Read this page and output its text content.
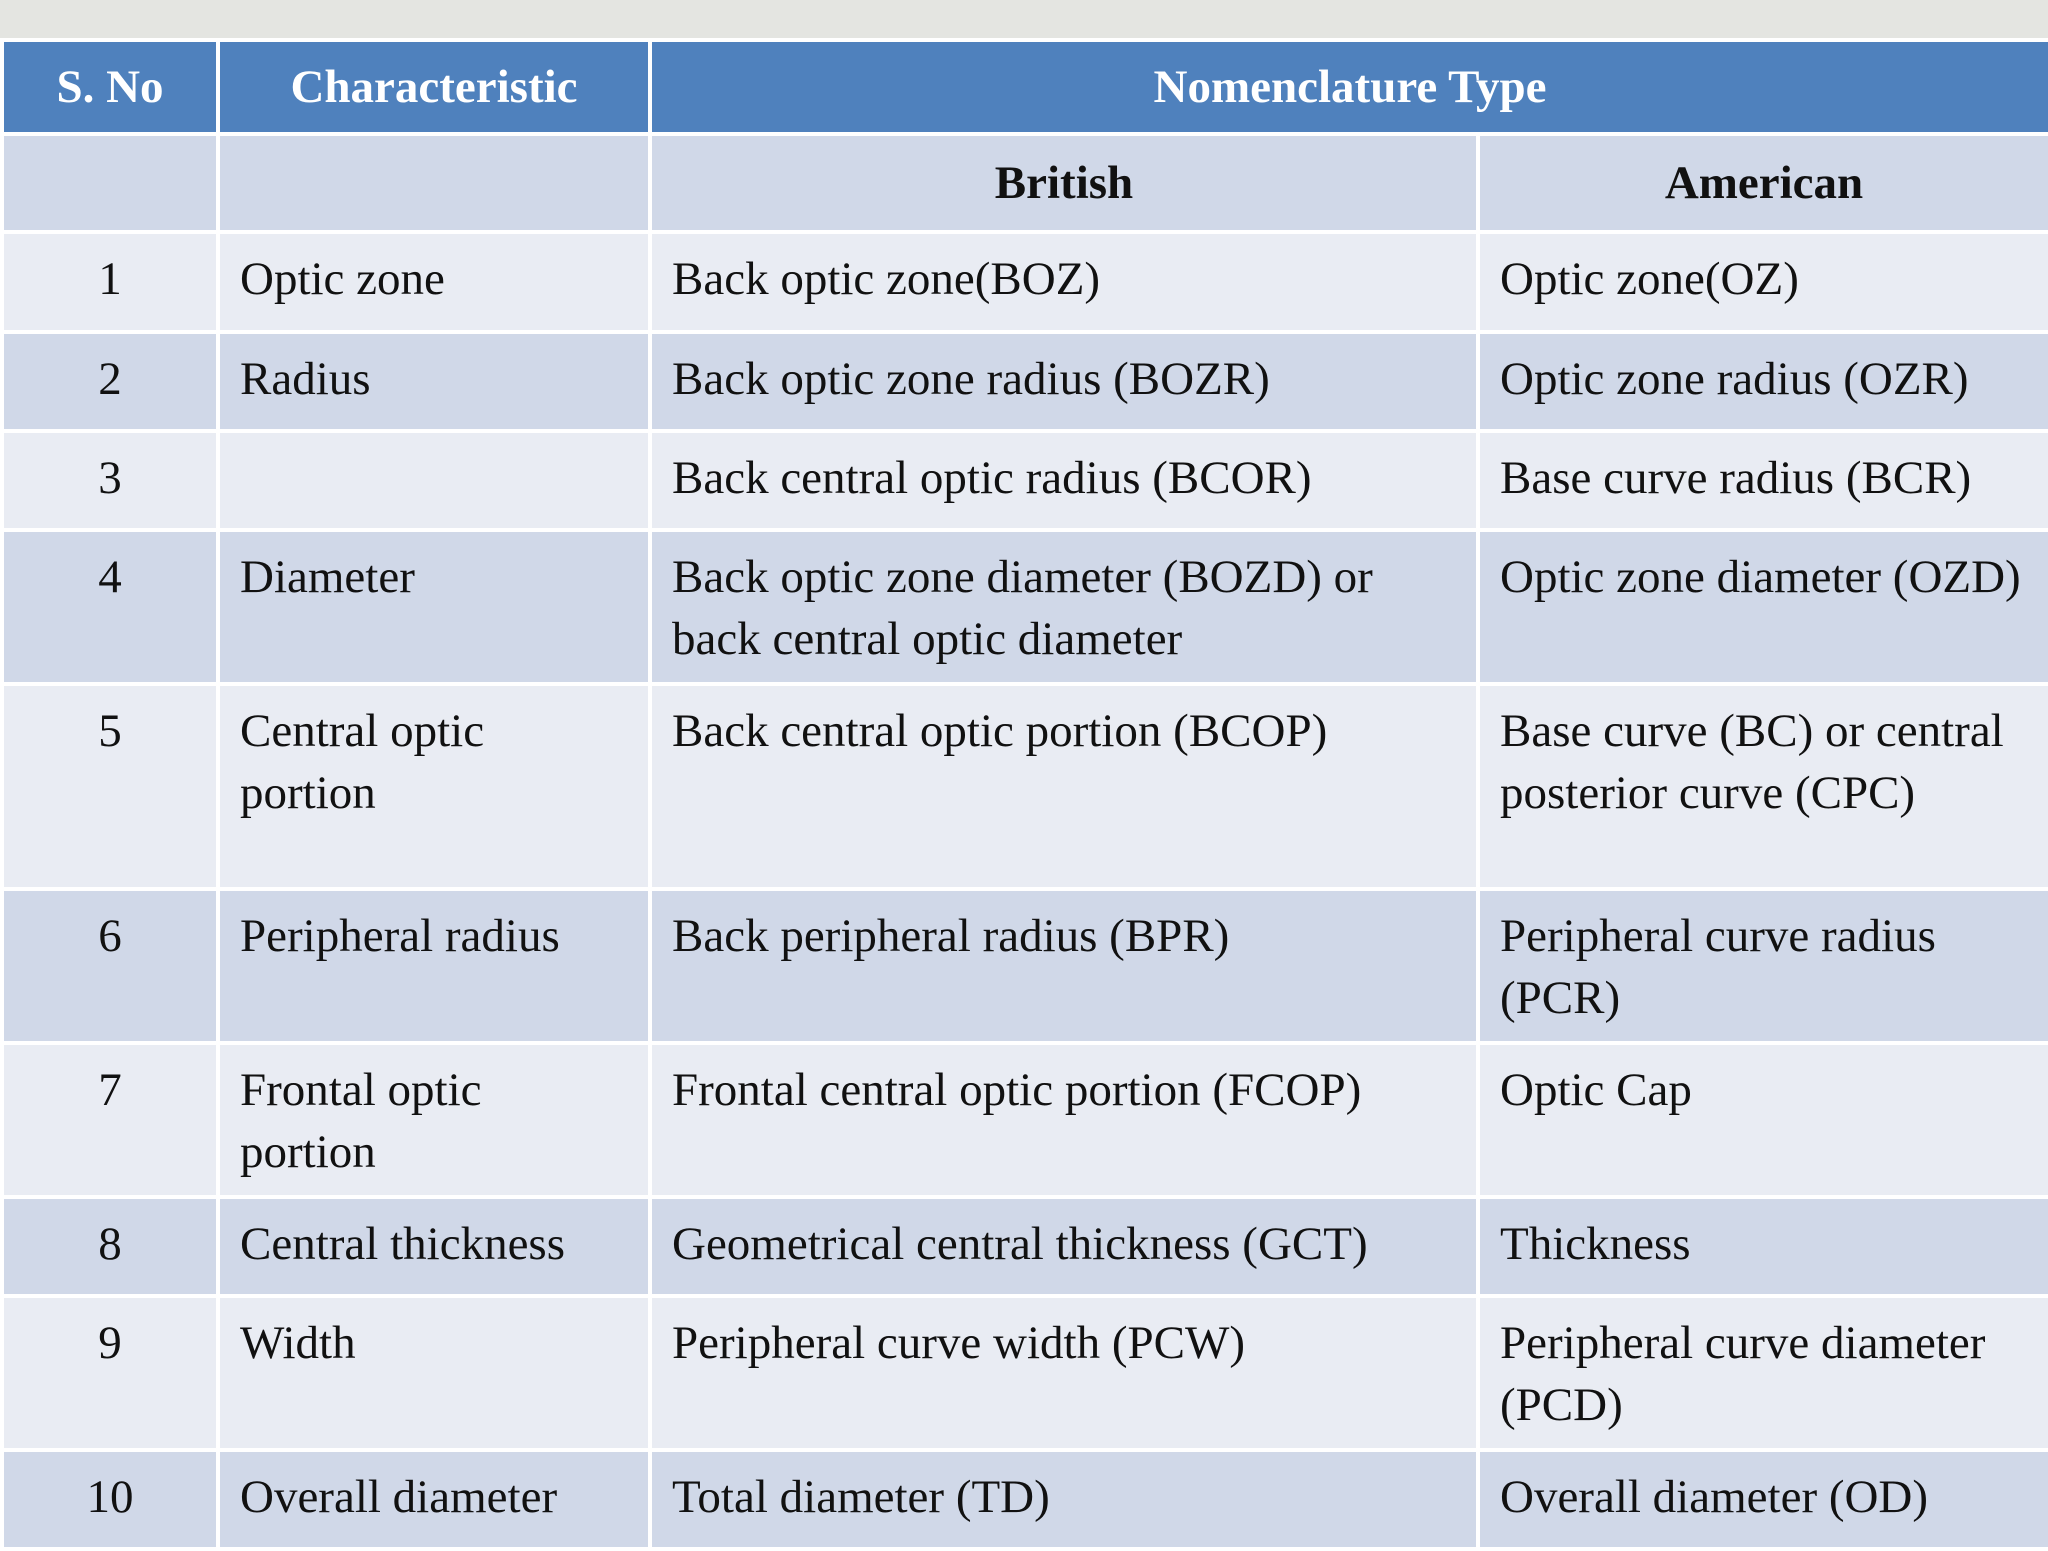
S. No	Characteristic	Nomenclature Type	
		British	American
1	Optic zone	Back optic zone(BOZ)	Optic zone(OZ)
2	Radius	Back optic zone radius (BOZR)	Optic zone radius (OZR)
3		Back central optic radius (BCOR)	Base curve radius (BCR)
4	Diameter	Back optic zone diameter (BOZD) or back central optic diameter	Optic zone diameter (OZD)
5	Central optic portion	Back central optic portion (BCOP)	Base curve (BC) or central posterior curve (CPC)
6	Peripheral radius	Back peripheral radius (BPR)	Peripheral curve radius (PCR)
7	Frontal optic portion	Frontal central optic portion (FCOP)	Optic Cap
8	Central thickness	Geometrical central thickness (GCT)	Thickness
9	Width	Peripheral curve width (PCW)	Peripheral curve diameter (PCD)
10	Overall diameter	Total diameter (TD)	Overall diameter (OD)
